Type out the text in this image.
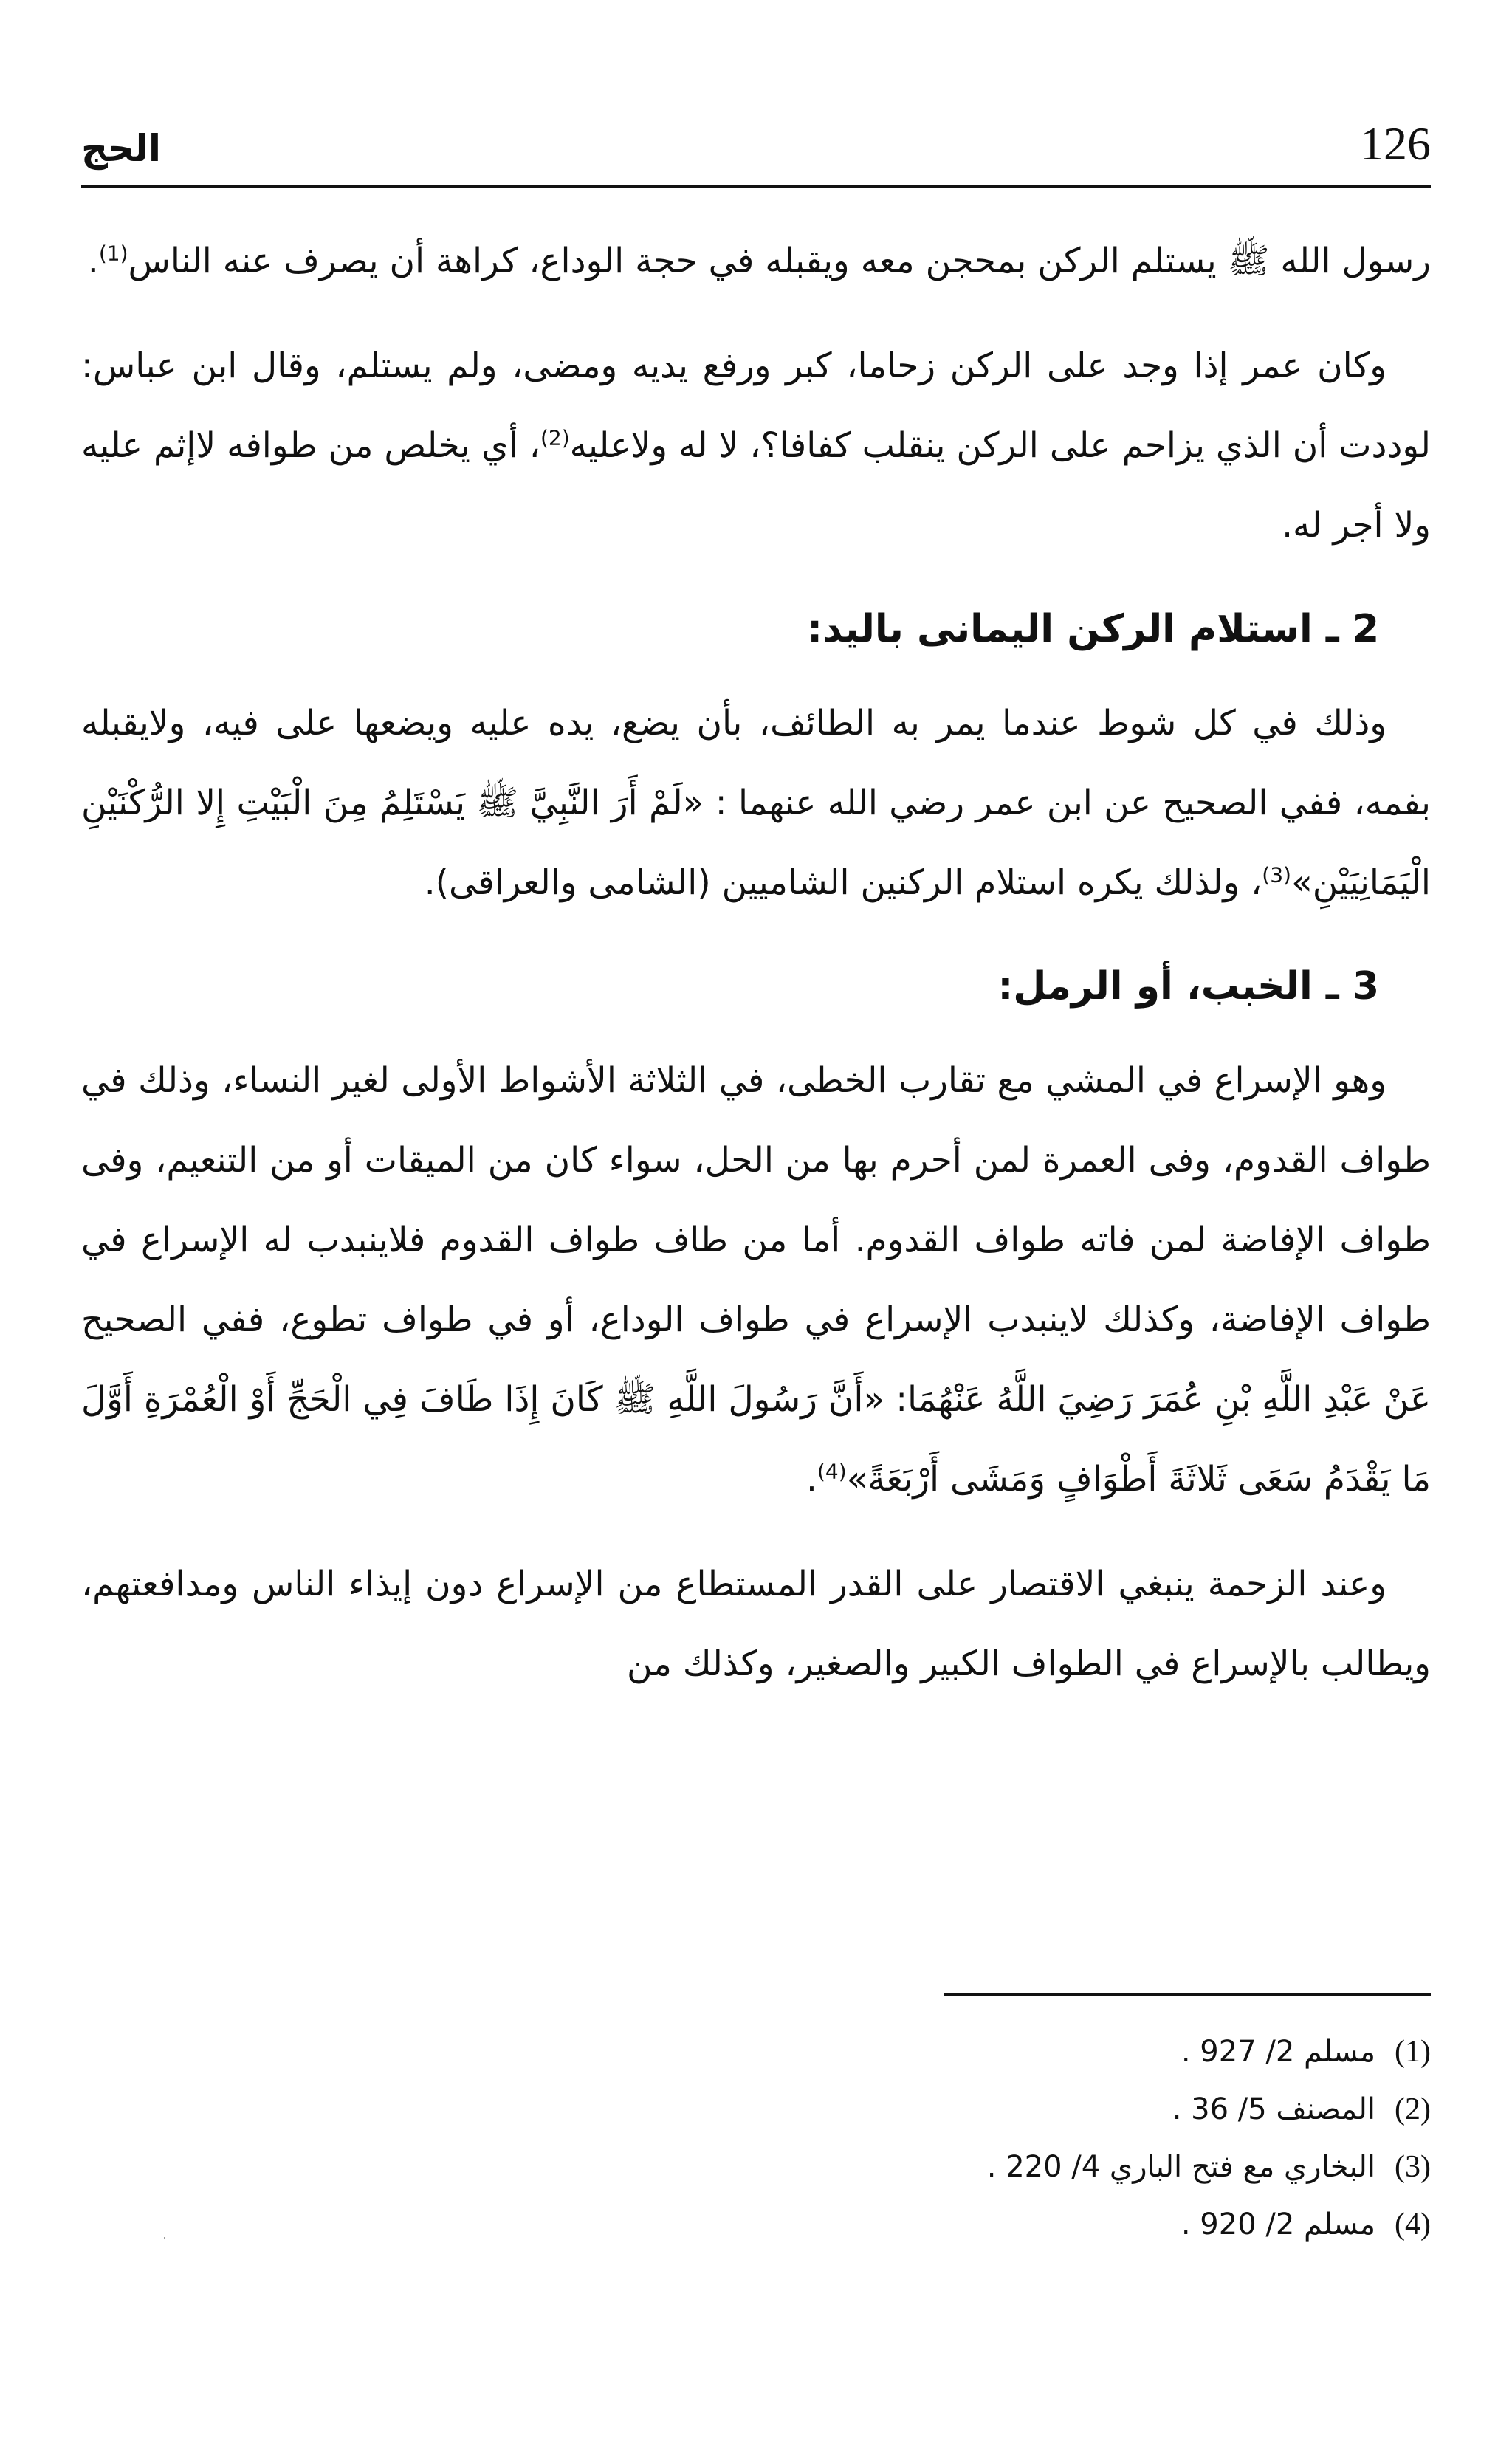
126
الحج

رسول الله ﷺ يستلم الركن بمحجن معه ويقبله في حجة الوداع، كراهة أن يصرف عنه الناس$^{(1)}$.

وكان عمر إذا وجد على الركن زحاما، كبر ورفع يديه ومضى، ولم يستلم، وقال ابن عباس: لوددت أن الذي يزاحم على الركن ينقلب كفافا؟، لا له ولاعليه$^{(2)}$، أي يخلص من طوافه لاإثم عليه ولا أجر له.

2 ـ استلام الركن اليمانى باليد:

وذلك في كل شوط عندما يمر به الطائف، بأن يضع، يده عليه ويضعها على فيه، ولايقبله بفمه، ففي الصحيح عن ابن عمر رضي الله عنهما : «لَمْ أَرَ النَّبِيَّ ﷺ يَسْتَلِمُ مِنَ الْبَيْتِ إِلا الرُّكْنَيْنِ الْيَمَانِيَيْنِ»$^{(3)}$، ولذلك يكره استلام الركنين الشاميين (الشامى والعراقى).

3 ـ الخبب، أو الرمل:

وهو الإسراع في المشي مع تقارب الخطى، في الثلاثة الأشواط الأولى لغير النساء، وذلك في طواف القدوم، وفى العمرة لمن أحرم بها من الحل، سواء كان من الميقات أو من التنعيم، وفى طواف الإفاضة لمن فاته طواف القدوم. أما من طاف طواف القدوم فلاينبدب له الإسراع في طواف الإفاضة، وكذلك لاينبدب الإسراع في طواف الوداع، أو في طواف تطوع، ففي الصحيح عَنْ عَبْدِ اللَّهِ بْنِ عُمَرَ رَضِيَ اللَّهُ عَنْهُمَا: «أَنَّ رَسُولَ اللَّهِ ﷺ كَانَ إِذَا طَافَ فِي الْحَجِّ أَوْ الْعُمْرَةِ أَوَّلَ مَا يَقْدَمُ سَعَى ثَلاثَةَ أَطْوَافٍ وَمَشَى أَرْبَعَةً»$^{(4)}$.

وعند الزحمة ينبغي الاقتصار على القدر المستطاع من الإسراع دون إيذاء الناس ومدافعتهم، ويطالب بالإسراع في الطواف الكبير والصغير، وكذلك من

(1)
مسلم 2/ 927 .
(2)
المصنف 5/ 36 .
(3)
البخاري مع فتح الباري 4/ 220 .
(4)
مسلم 2/ 920 .
